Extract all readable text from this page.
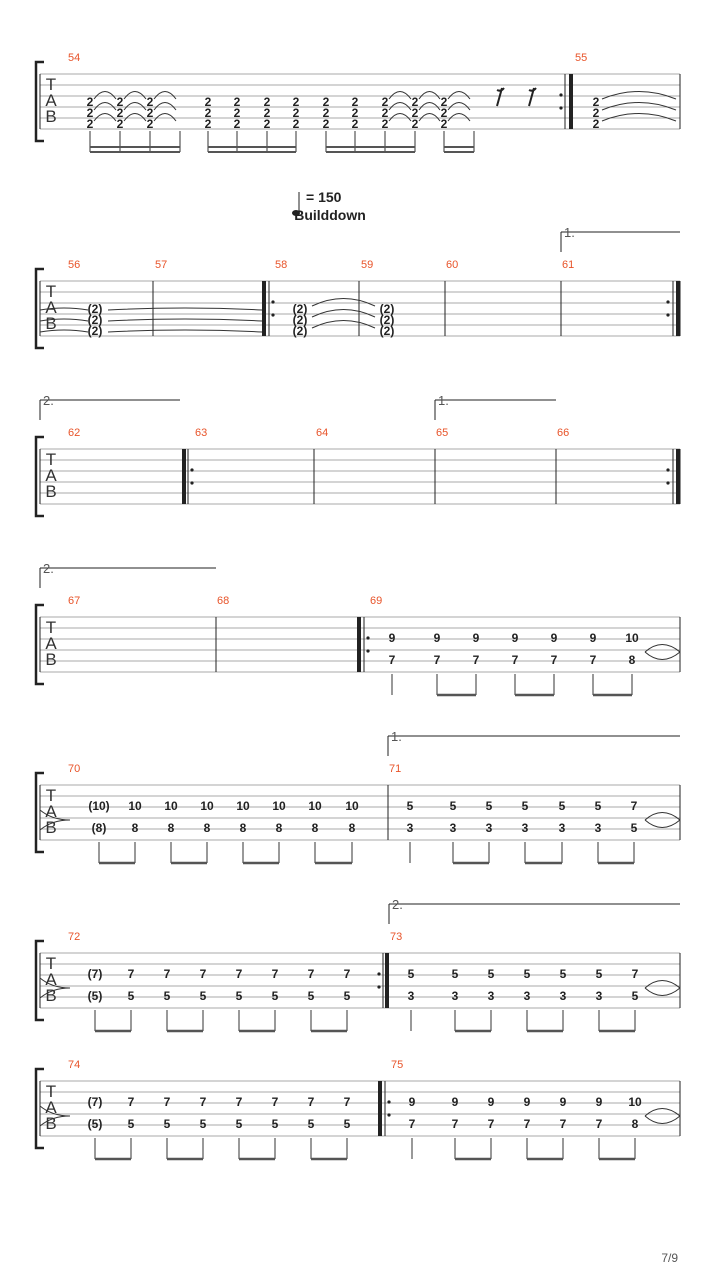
T
A
B
54	55
T
A
B
56	57	58	59	60	61
T
A
B
62	63	64	65	66
T
A
B
67	68	69
T
A
B
70	71
T
A
B
72	73
T
A
B
74	75
2
2
2
2
2
2
2
2
2
2
2
2
2
2
2
2
2
2
2
2
2
2
2
2
2
2
2
2
2
2
2
2
2
2
2
2
2
2
2
= 150
Builddown
(2)
(2)
(2)
(2)
(2)
(2)
(2)
(2)
(2)
1.
2.	1.
2.
9
7
9
7
9
7
9
7
9
7
9
7
10
8
(10)
(8)
10
8
10
8
10
8
10
8
10
8
10
8
10
8
1.
5
3
5
3
5
3
5
3
5
3
5
3
7
5
(7)
(5)
7
5
7
5
7
5
7
5
7
5
7
5
7
5
2.
5
3
5
3
5
3
5
3
5
3
5
3
7
5
(7)
(5)
7
5
7
5
7
5
7
5
7
5
7
5
7
5
9
7
9
7
9
7
9
7
9
7
9
7
10
8
7/9
